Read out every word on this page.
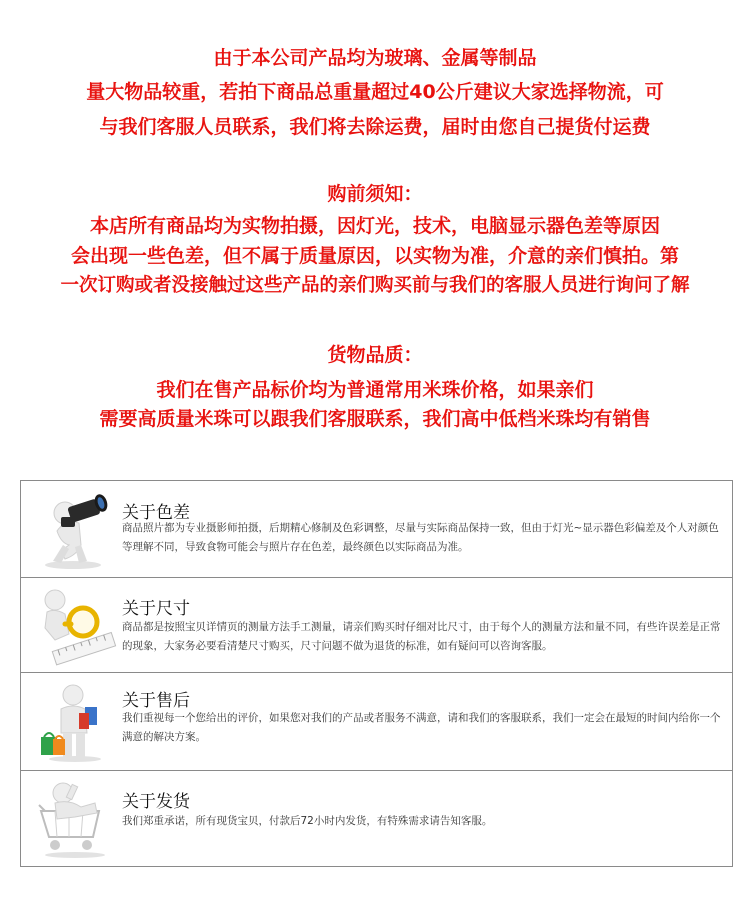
由于本公司产品均为玻璃、金属等制品
量大物品较重，若拍下商品总重量超过40公斤建议大家选择物流，可
与我们客服人员联系，我们将去除运费，届时由您自己提货付运费
购前须知：
本店所有商品均为实物拍摄，因灯光，技术，电脑显示器色差等原因
会出现一些色差，但不属于质量原因，以实物为准，介意的亲们慎拍。第
一次订购或者没接触过这些产品的亲们购买前与我们的客服人员进行询问了解
货物品质：
我们在售产品标价均为普通常用米珠价格，如果亲们
需要高质量米珠可以跟我们客服联系，我们高中低档米珠均有销售
关于色差
商品照片都为专业摄影师拍摄，后期精心修制及色彩调整，尽量与实际商品保持一致，但由于灯光~显示器色彩偏差及个人对颜色等理解不同，导致食物可能会与照片存在色差，最终颜色以实际商品为准。
关于尺寸
商品都是按照宝贝详情页的测量方法手工测量，请亲们购买时仔细对比尺寸，由于每个人的测量方法和量不同，有些许误差是正常的现象，大家务必要看清楚尺寸购买，尺寸问题不做为退货的标准，如有疑问可以咨询客服。
关于售后
我们重视每一个您给出的评价，如果您对我们的产品或者服务不满意，请和我们的客服联系，我们一定会在最短的时间内给你一个满意的解决方案。
关于发货
我们郑重承诺，所有现货宝贝，付款后72小时内发货，有特殊需求请告知客服。
